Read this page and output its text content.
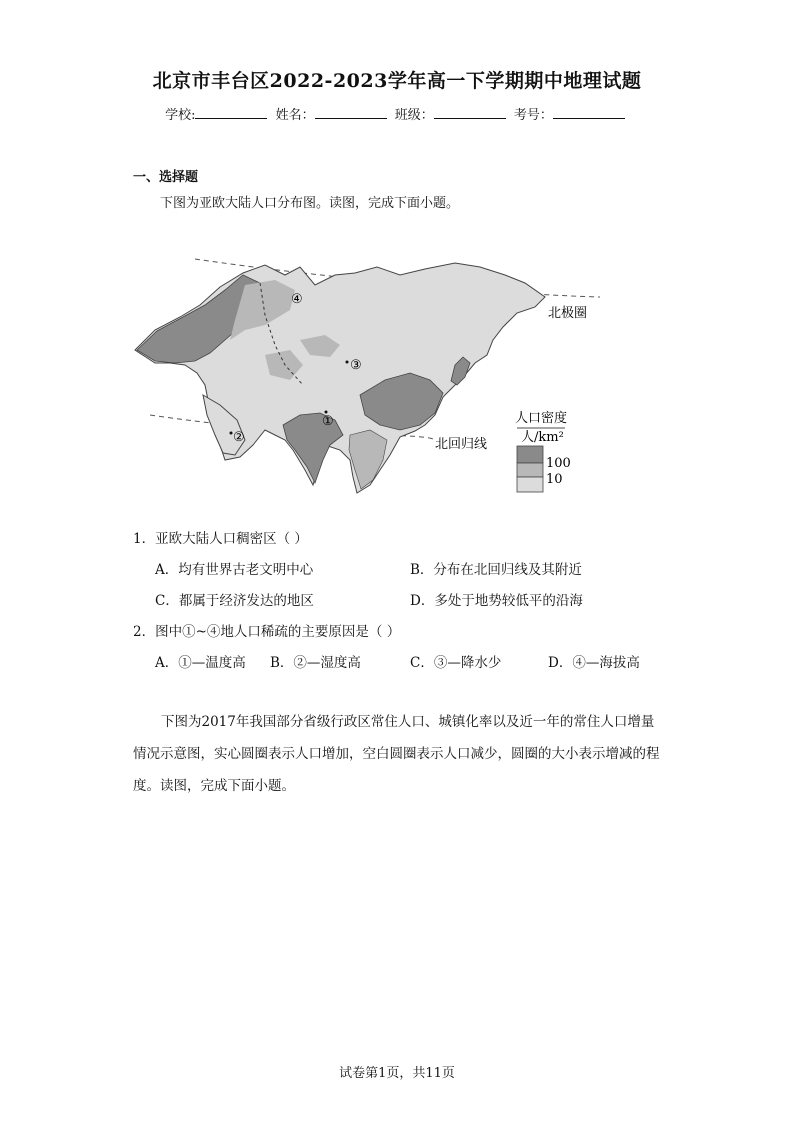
北京市丰台区2022-2023学年高一下学期期中地理试题
学校:	姓名：	班级：	考号：
一、选择题
下图为亚欧大陆人口分布图。读图，完成下面小题。
④
③
①
②
北极圈
北回归线
人口密度
人/km²
100
10
1．亚欧大陆人口稠密区（ ）
A．均有世界古老文明中心	B．分布在北回归线及其附近
C．都属于经济发达的地区	D．多处于地势较低平的沿海
2．图中①~④地人口稀疏的主要原因是（ ）
A．①—温度高 B．②—湿度高	C．③—降水少	D．④—海拔高
下图为2017年我国部分省级行政区常住人口、城镇化率以及近一年的常住人口增量情况示意图，实心圆圈表示人口增加，空白圆圈表示人口减少，圆圈的大小表示增减的程度。读图，完成下面小题。
试卷第1页，共11页
